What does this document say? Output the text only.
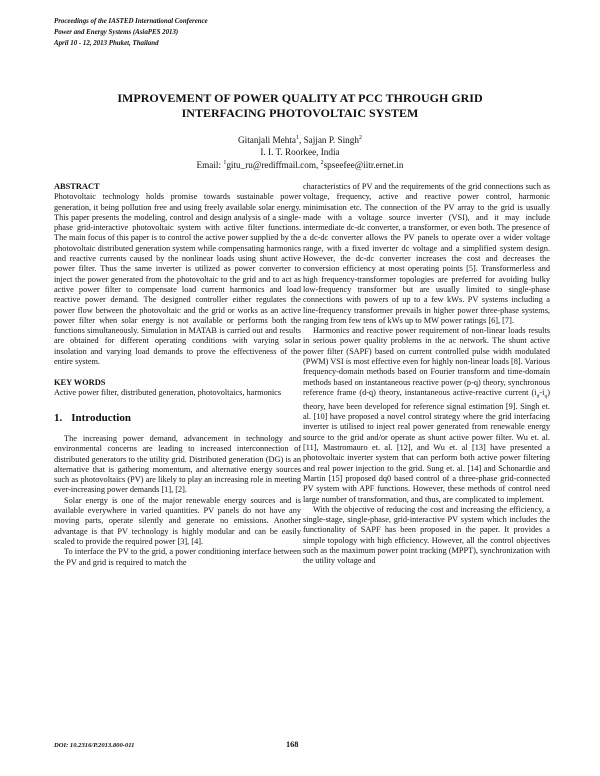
Proceedings of the IASTED International Conference
Power and Energy Systems (AsiaPES 2013)
April 10 - 12, 2013 Phuket, Thailand
IMPROVEMENT OF POWER QUALITY AT PCC THROUGH GRID
INTERFACING PHOTOVOLTAIC SYSTEM
Gitanjali Mehta$^1$, Sajjan P. Singh$^2$
I. I. T. Roorkee, India
Email: $^1$gitu_ru@rediffmail.com, $^2$spseefee@iitr.ernet.in

ABSTRACT

Photovoltaic technology holds promise towards sustainable power generation, it being pollution free and using freely available solar energy. This paper presents the modeling, control and design analysis of a single-phase grid-interactive photovoltaic system with active filter functions. The main focus of this paper is to control the active power supplied by the photovoltaic distributed generation system while compensating harmonics and reactive currents caused by the nonlinear loads using shunt active power filter. Thus the same inverter is utilized as power converter to inject the power generated from the photovoltaic to the grid and to act as active power filter to compensate load current harmonics and load reactive power demand. The designed controller either regulates the power flow between the photovoltaic and the grid or works as an active power filter when solar energy is not available or performs both the functions simultaneously. Simulation in MATAB is carried out and results are obtained for different operating conditions with varying solar insolation and varying load demands to prove the effectiveness of the entire system.

KEY WORDS

Active power filter, distributed generation, photovoltaics, harmonics

1. Introduction

The increasing power demand, advancement in technology and environmental concerns are leading to increased interconnection of distributed generators to the utility grid. Distributed generation (DG) is an alternative that is gathering momentum, and alternative energy sources such as photovoltaics (PV) are likely to play an increasing role in meeting ever-increasing power demands [1], [2].

Solar energy is one of the major renewable energy sources and is available everywhere in varied quantities. PV panels do not have any moving parts, operate silently and generate no emissions. Another advantage is that PV technology is highly modular and can be easily scaled to provide the required power [3], [4].

To interface the PV to the grid, a power conditioning interface between the PV and grid is required to match the

characteristics of PV and the requirements of the grid connections such as voltage, frequency, active and reactive power control, harmonic minimisation etc. The connection of the PV array to the grid is usually made with a voltage source inverter (VSI), and it may include intermediate dc-dc converter, a transformer, or even both. The presence of a dc-dc converter allows the PV panels to operate over a wider voltage range, with a fixed inverter dc voltage and a simplified system design. However, the dc-dc converter increases the cost and decreases the conversion efficiency at most operating points [5]. Transformerless and high frequency-transformer topologies are preferred for avoiding bulky low-frequency transformer but are usually limited to single-phase connections with powers of up to a few kWs. PV systems including a line-frequency transformer prevails in higher power three-phase systems, ranging from few tens of kWs up to MW power ratings [6], [7].

Harmonics and reactive power requirement of non-linear loads results in serious power quality problems in the ac network. The shunt active power filter (SAPF) based on current controlled pulse width modulated (PWM) VSI is most effective even for highly non-linear loads [8]. Various frequency-domain methods based on Fourier transform and time-domain methods based on instantaneous reactive power (p-q) theory, synchronous reference frame (d-q) theory, instantaneous active-reactive current $(i_d-i_q)$ theory, have been developed for reference signal estimation [9]. Singh et. al. [10] have proposed a novel control strategy where the grid interfacing inverter is utilised to inject real power generated from renewable energy source to the grid and/or operate as shunt active power filter. Wu et. al. [11], Mastromauro et. al. [12], and Wu et. al [13] have presented a photovoltaic inverter system that can perform both active power filtering and real power injection to the grid. Sung et. al. [14] and Schonardie and Martin [15] proposed dq0 based control of a three-phase grid-connected PV system with APF functions. However, these methods of control need large number of transformation, and thus, are complicated to implement.

With the objective of reducing the cost and increasing the efficiency, a single-stage, single-phase, grid-interactive PV system which includes the functionality of SAPF has been proposed in the paper. It provides a simple topology with high efficiency. However, all the control objectives such as the maximum power point tracking (MPPT), synchronization with the utility voltage and

DOI: 10.2316/P.2013.800-011	168
